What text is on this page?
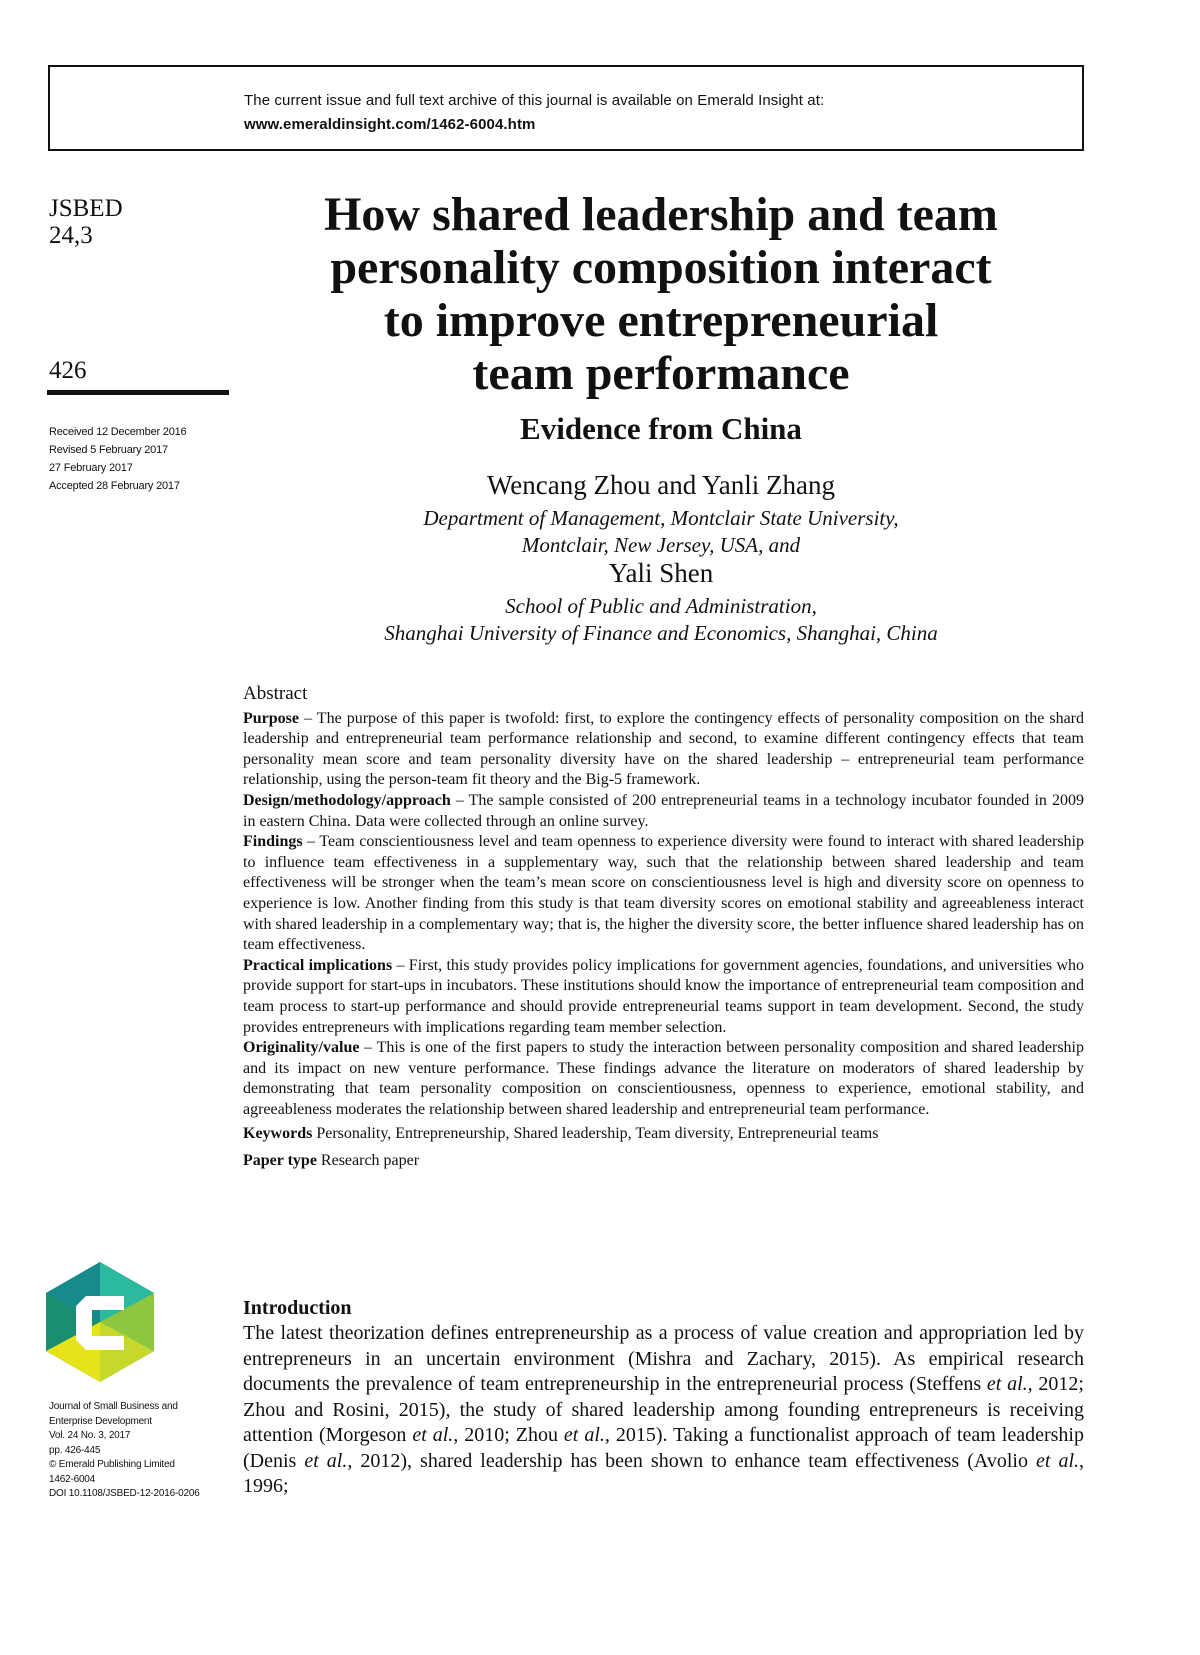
The current issue and full text archive of this journal is available on Emerald Insight at:
www.emeraldinsight.com/1462-6004.htm
JSBED
24,3
426
Received 12 December 2016
Revised 5 February 2017
27 February 2017
Accepted 28 February 2017
How shared leadership and team
personality composition interact
to improve entrepreneurial
team performance
Evidence from China
Wencang Zhou and Yanli Zhang
Department of Management, Montclair State University,
Montclair, New Jersey, USA, and
Yali Shen
School of Public and Administration,
Shanghai University of Finance and Economics, Shanghai, China
Abstract

Purpose – The purpose of this paper is twofold: first, to explore the contingency effects of personality composition on the shard leadership and entrepreneurial team performance relationship and second, to examine different contingency effects that team personality mean score and team personality diversity have on the shared leadership – entrepreneurial team performance relationship, using the person-team fit theory and the Big-5 framework.

Design/methodology/approach – The sample consisted of 200 entrepreneurial teams in a technology incubator founded in 2009 in eastern China. Data were collected through an online survey.

Findings – Team conscientiousness level and team openness to experience diversity were found to interact with shared leadership to influence team effectiveness in a supplementary way, such that the relationship between shared leadership and team effectiveness will be stronger when the team’s mean score on conscientiousness level is high and diversity score on openness to experience is low. Another finding from this study is that team diversity scores on emotional stability and agreeableness interact with shared leadership in a complementary way; that is, the higher the diversity score, the better influence shared leadership has on team effectiveness.

Practical implications – First, this study provides policy implications for government agencies, foundations, and universities who provide support for start-ups in incubators. These institutions should know the importance of entrepreneurial team composition and team process to start-up performance and should provide entrepreneurial teams support in team development. Second, the study provides entrepreneurs with implications regarding team member selection.

Originality/value – This is one of the first papers to study the interaction between personality composition and shared leadership and its impact on new venture performance. These findings advance the literature on moderators of shared leadership by demonstrating that team personality composition on conscientiousness, openness to experience, emotional stability, and agreeableness moderates the relationship between shared leadership and entrepreneurial team performance.

Keywords Personality, Entrepreneurship, Shared leadership, Team diversity, Entrepreneurial teams

Paper type Research paper

Introduction

The latest theorization defines entrepreneurship as a process of value creation and appropriation led by entrepreneurs in an uncertain environment (Mishra and Zachary, 2015). As empirical research documents the prevalence of team entrepreneurship in the entrepreneurial process (Steffens et al., 2012; Zhou and Rosini, 2015), the study of shared leadership among founding entrepreneurs is receiving attention (Morgeson et al., 2010; Zhou et al., 2015). Taking a functionalist approach of team leadership (Denis et al., 2012), shared leadership has been shown to enhance team effectiveness (Avolio et al., 1996;

Journal of Small Business and
Enterprise Development
Vol. 24 No. 3, 2017
pp. 426-445
© Emerald Publishing Limited
1462-6004
DOI 10.1108/JSBED-12-2016-0206
